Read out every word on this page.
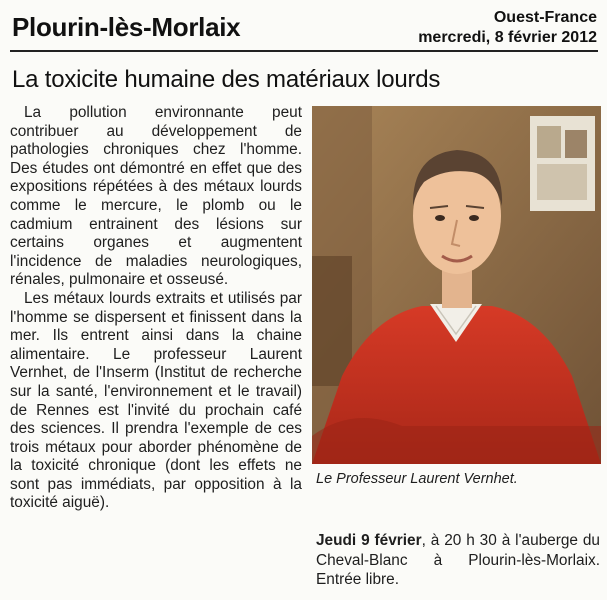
Plourin-lès-Morlaix	Ouest-France
mercredi, 8 février 2012
La toxicite humaine des matériaux lourds

La pollution environnante peut contribuer au développement de pathologies chroniques chez l'homme. Des études ont démontré en effet que des expositions répétées à des métaux lourds comme le mercure, le plomb ou le cadmium entrainent des lésions sur certains organes et augmentent l'incidence de maladies neurologiques, rénales, pulmonaire et osseusé.

Les métaux lourds extraits et utilisés par l'homme se dispersent et finissent dans la mer. Ils entrent ainsi dans la chaine alimentaire. Le professeur Laurent Vernhet, de l'Inserm (Institut de recherche sur la santé, l'environnement et le travail) de Rennes est l'invité du prochain café des sciences. Il prendra l'exemple de ces trois métaux pour aborder phénomène de la toxicité chronique (dont les effets ne sont pas immédiats, par opposition à la toxicité aiguë).

Le Professeur Laurent Vernhet.
Jeudi 9 février, à 20 h 30 à l'auberge du Cheval-Blanc à Plourin-lès-Morlaix. Entrée libre.
